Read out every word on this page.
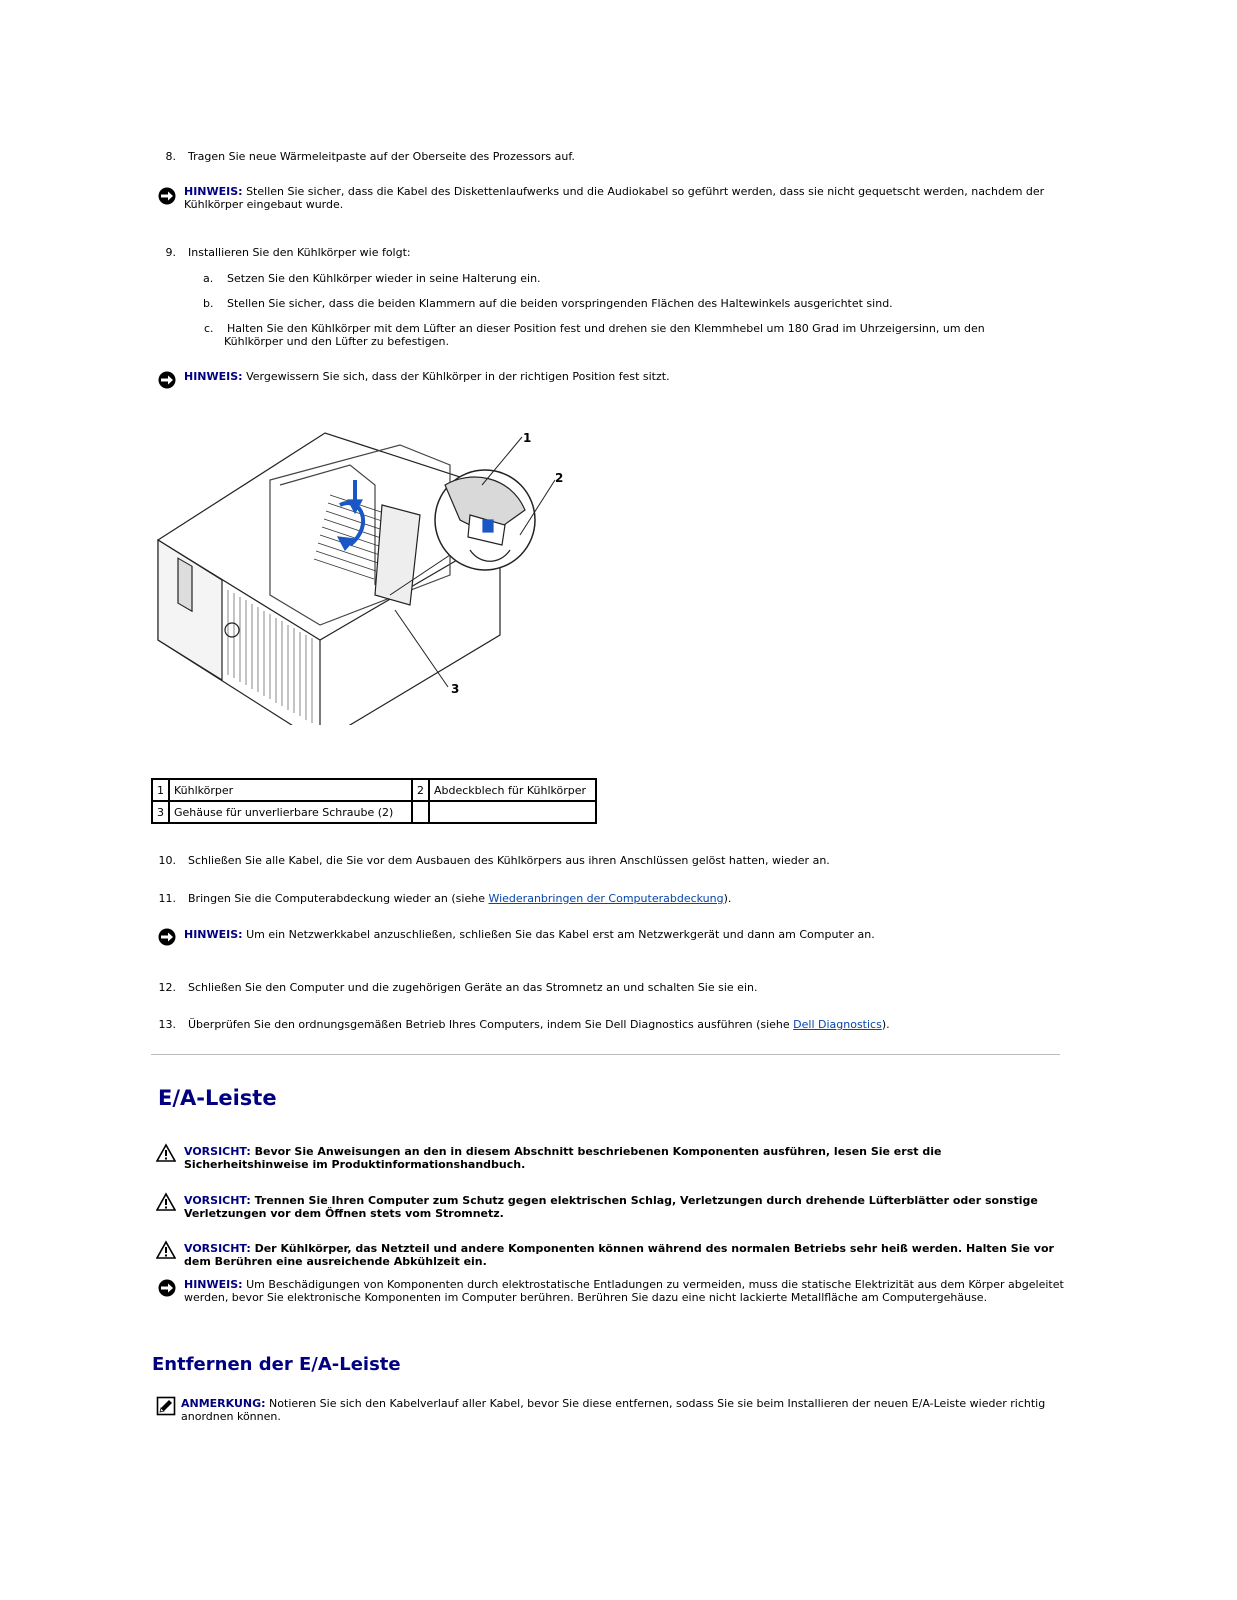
8. Tragen Sie neue Wärmeleitpaste auf der Oberseite des Prozessors auf.
HINWEIS: Stellen Sie sicher, dass die Kabel des Diskettenlaufwerks und die Audiokabel so geführt werden, dass sie nicht gequetscht werden, nachdem der Kühlkörper eingebaut wurde.
9. Installieren Sie den Kühlkörper wie folgt:
a. Setzen Sie den Kühlkörper wieder in seine Halterung ein.
b. Stellen Sie sicher, dass die beiden Klammern auf die beiden vorspringenden Flächen des Haltewinkels ausgerichtet sind.
c. Halten Sie den Kühlkörper mit dem Lüfter an dieser Position fest und drehen sie den Klemmhebel um 180 Grad im Uhrzeigersinn, um den Kühlkörper und den Lüfter zu befestigen.
HINWEIS: Vergewissern Sie sich, dass der Kühlkörper in der richtigen Position fest sitzt.
1
2
3
1	Kühlkörper	2	Abdeckblech für Kühlkörper
3	Gehäuse für unverlierbare Schraube (2)		
10. Schließen Sie alle Kabel, die Sie vor dem Ausbauen des Kühlkörpers aus ihren Anschlüssen gelöst hatten, wieder an.
11. Bringen Sie die Computerabdeckung wieder an (siehe Wiederanbringen der Computerabdeckung).
HINWEIS: Um ein Netzwerkkabel anzuschließen, schließen Sie das Kabel erst am Netzwerkgerät und dann am Computer an.
12. Schließen Sie den Computer und die zugehörigen Geräte an das Stromnetz an und schalten Sie sie ein.
13. Überprüfen Sie den ordnungsgemäßen Betrieb Ihres Computers, indem Sie Dell Diagnostics ausführen (siehe Dell Diagnostics).
E/A-Leiste
VORSICHT: Bevor Sie Anweisungen an den in diesem Abschnitt beschriebenen Komponenten ausführen, lesen Sie erst die Sicherheitshinweise im Produktinformationshandbuch.
VORSICHT: Trennen Sie Ihren Computer zum Schutz gegen elektrischen Schlag, Verletzungen durch drehende Lüfterblätter oder sonstige Verletzungen vor dem Öffnen stets vom Stromnetz.
VORSICHT: Der Kühlkörper, das Netzteil und andere Komponenten können während des normalen Betriebs sehr heiß werden. Halten Sie vor dem Berühren eine ausreichende Abkühlzeit ein.
HINWEIS: Um Beschädigungen von Komponenten durch elektrostatische Entladungen zu vermeiden, muss die statische Elektrizität aus dem Körper abgeleitet werden, bevor Sie elektronische Komponenten im Computer berühren. Berühren Sie dazu eine nicht lackierte Metallfläche am Computergehäuse.
Entfernen der E/A-Leiste
ANMERKUNG: Notieren Sie sich den Kabelverlauf aller Kabel, bevor Sie diese entfernen, sodass Sie sie beim Installieren der neuen E/A-Leiste wieder richtig anordnen können.
